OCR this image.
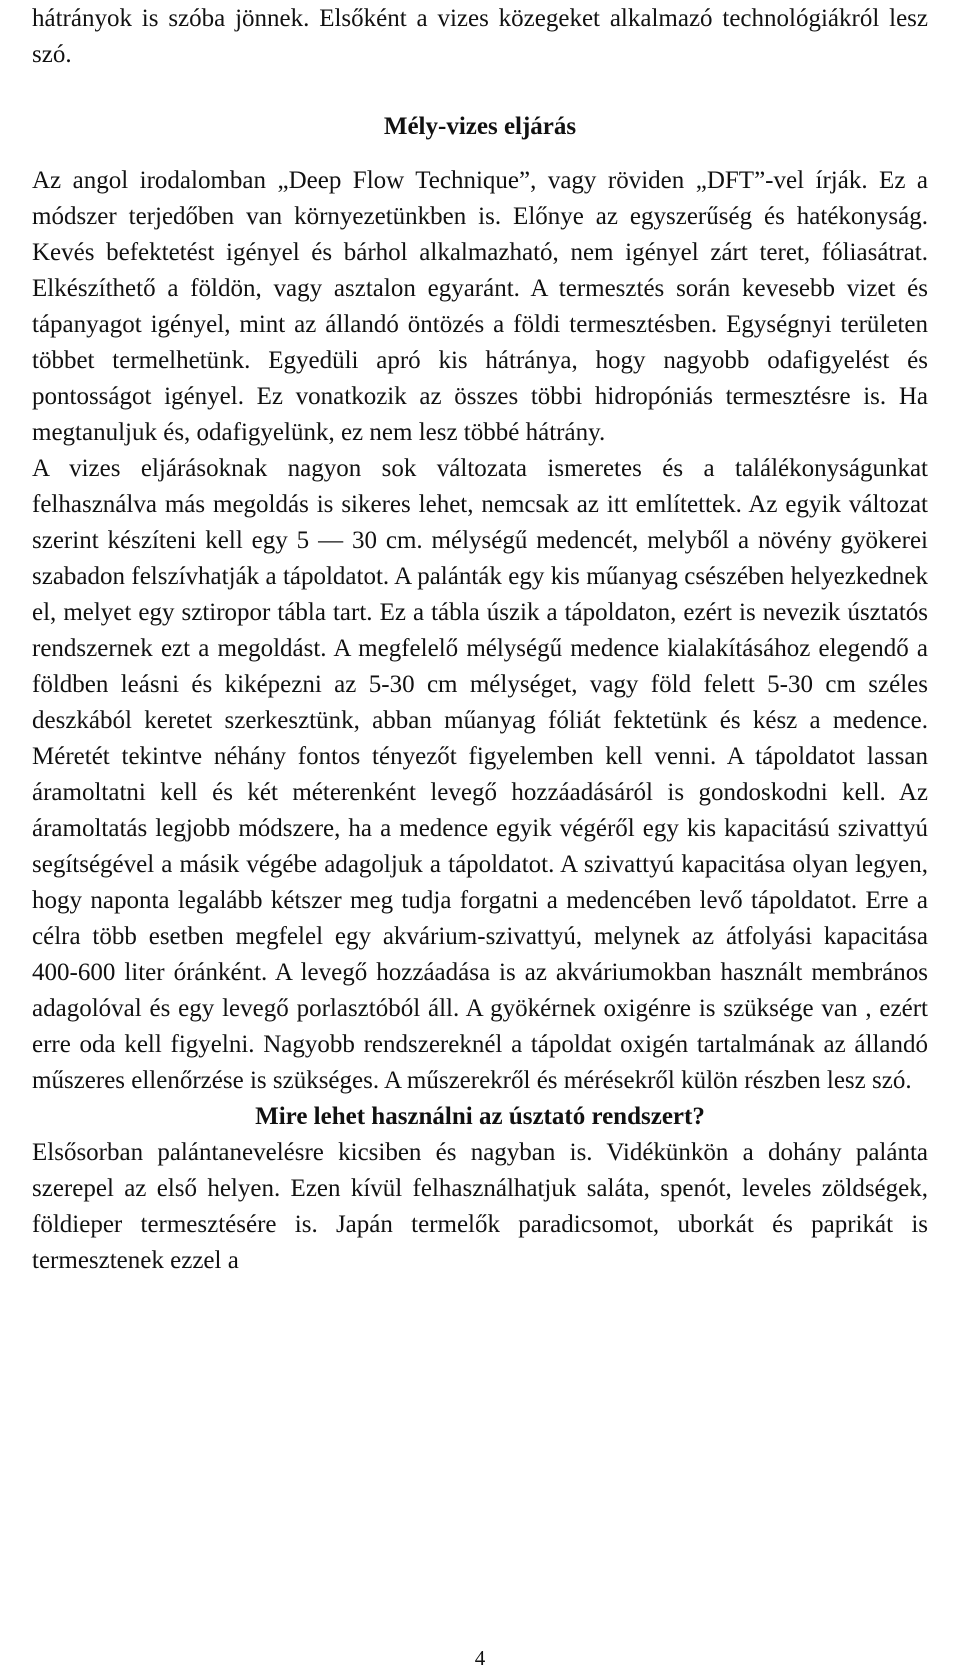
hátrányok is szóba jönnek. Elsőként a vizes közegeket alkalmazó technológiákról lesz szó.

Mély-vizes eljárás

Az angol irodalomban „Deep Flow Technique”, vagy röviden „DFT”-vel írják. Ez a módszer terjedőben van környezetünkben is. Előnye az egyszerűség és hatékonyság. Kevés befektetést igényel és bárhol alkalmazható, nem igényel zárt teret, fóliasátrat. Elkészíthető a földön, vagy asztalon egyaránt. A termesztés során kevesebb vizet és tápanyagot igényel, mint az állandó öntözés a földi termesztésben. Egységnyi területen többet termelhetünk. Egyedüli apró kis hátránya, hogy nagyobb odafigyelést és pontosságot igényel. Ez vonatkozik az összes többi hidropóniás termesztésre is. Ha megtanuljuk és, odafigyelünk, ez nem lesz többé hátrány.

A vizes eljárásoknak nagyon sok változata ismeretes és a találékonyságunkat felhasználva más megoldás is sikeres lehet, nemcsak az itt említettek. Az egyik változat szerint készíteni kell egy 5 — 30 cm. mélységű medencét, melyből a növény gyökerei szabadon felszívhatják a tápoldatot. A palánták egy kis műanyag csészében helyezkednek el, melyet egy sztiropor tábla tart. Ez a tábla úszik a tápoldaton, ezért is nevezik úsztatós rendszernek ezt a megoldást. A megfelelő mélységű medence kialakításához elegendő a földben leásni és kiképezni az 5-30 cm mélységet, vagy föld felett 5-30 cm széles deszkából keretet szerkesztünk, abban műanyag fóliát fektetünk és kész a medence. Méretét tekintve néhány fontos tényezőt figyelemben kell venni. A tápoldatot lassan áramoltatni kell és két méterenként levegő hozzáadásáról is gondoskodni kell. Az áramoltatás legjobb módszere, ha a medence egyik végéről egy kis kapacitású szivattyú segítségével a másik végébe adagoljuk a tápoldatot. A szivattyú kapacitása olyan legyen, hogy naponta legalább kétszer meg tudja forgatni a medencében levő tápoldatot. Erre a célra több esetben megfelel egy akvárium-szivattyú, melynek az átfolyási kapacitása 400-600 liter óránként. A levegő hozzáadása is az akváriumokban használt membrános adagolóval és egy levegő porlasztóból áll. A gyökérnek oxigénre is szüksége van , ezért erre oda kell figyelni. Nagyobb rendszereknél a tápoldat oxigén tartalmának az állandó műszeres ellenőrzése is szükséges. A műszerekről és mérésekről külön részben lesz szó.

Mire lehet használni az úsztató rendszert?

Elsősorban palántanevelésre kicsiben és nagyban is. Vidékünkön a dohány palánta szerepel az első helyen. Ezen kívül felhasználhatjuk saláta, spenót, leveles zöldségek, földieper termesztésére is. Japán termelők paradicsomot, uborkát és paprikát is termesztenek ezzel a

4
